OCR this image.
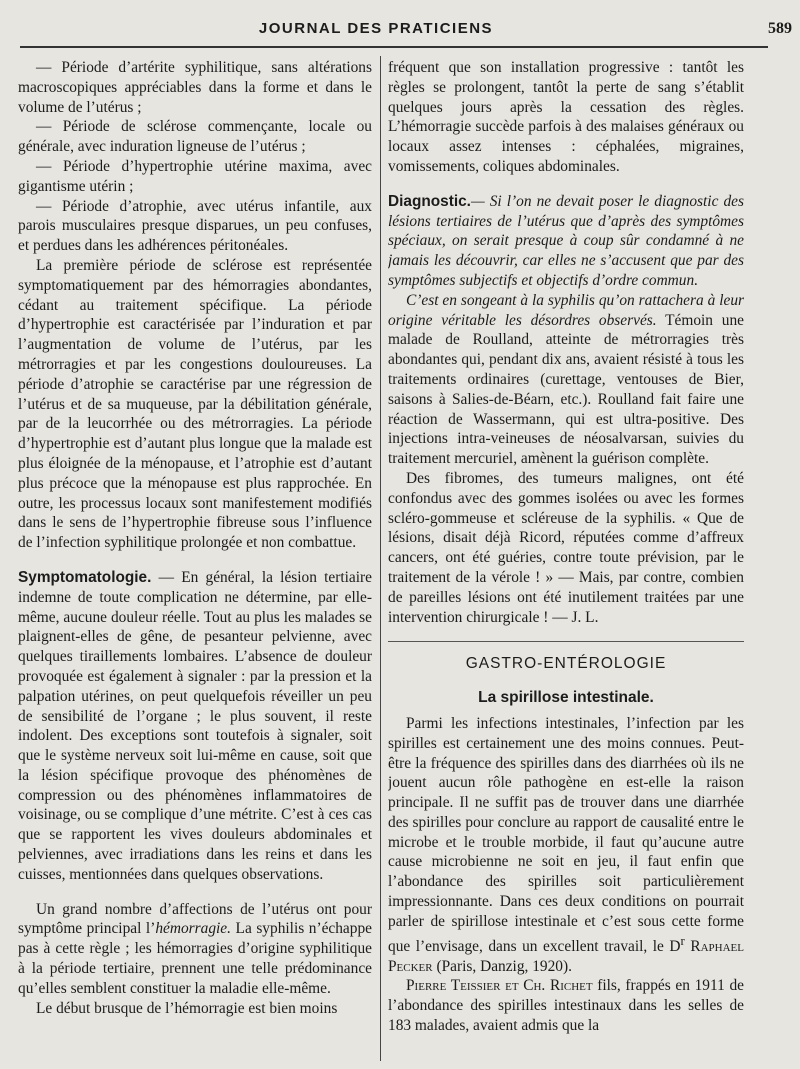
JOURNAL DES PRATICIENS	589

— Période d’artérite syphilitique, sans altérations macroscopiques appréciables dans la forme et dans le volume de l’utérus ;

— Période de sclérose commençante, locale ou générale, avec induration ligneuse de l’utérus ;

— Période d’hypertrophie utérine maxima, avec gigantisme utérin ;

— Période d’atrophie, avec utérus infantile, aux parois musculaires presque disparues, un peu confuses, et perdues dans les adhérences péritonéales.

La première période de sclérose est représentée symptomatiquement par des hémorragies abondantes, cédant au traitement spécifique. La période d’hypertrophie est caractérisée par l’induration et par l’augmentation de volume de l’utérus, par les métrorragies et par les congestions douloureuses. La période d’atrophie se caractérise par une régression de l’utérus et de sa muqueuse, par la débilitation générale, par de la leucorrhée ou des métrorragies. La période d’hypertrophie est d’autant plus longue que la malade est plus éloignée de la ménopause, et l’atrophie est d’autant plus précoce que la ménopause est plus rapprochée. En outre, les processus locaux sont manifestement modifiés dans le sens de l’hypertrophie fibreuse sous l’influence de l’infection syphilitique prolongée et non combattue.

Symptomatologie. — En général, la lésion tertiaire indemne de toute complication ne détermine, par elle-même, aucune douleur réelle. Tout au plus les malades se plaignent-elles de gêne, de pesanteur pelvienne, avec quelques tiraillements lombaires. L’absence de douleur provoquée est également à signaler : par la pression et la palpation utérines, on peut quelquefois réveiller un peu de sensibilité de l’organe ; le plus souvent, il reste indolent. Des exceptions sont toutefois à signaler, soit que le système nerveux soit lui-même en cause, soit que la lésion spécifique provoque des phénomènes de compression ou des phénomènes inflammatoires de voisinage, ou se complique d’une métrite. C’est à ces cas que se rapportent les vives douleurs abdominales et pelviennes, avec irradiations dans les reins et dans les cuisses, mentionnées dans quelques observations.

Un grand nombre d’affections de l’utérus ont pour symptôme principal l’hémorragie. La syphilis n’échappe pas à cette règle ; les hémorragies d’origine syphilitique à la période tertiaire, prennent une telle prédominance qu’elles semblent constituer la maladie elle-même.

Le début brusque de l’hémorragie est bien moins

fréquent que son installation progressive : tantôt les règles se prolongent, tantôt la perte de sang s’établit quelques jours après la cessation des règles. L’hémorragie succède parfois à des malaises généraux ou locaux assez intenses : céphalées, migraines, vomissements, coliques abdominales.

Diagnostic.— Si l’on ne devait poser le diagnostic des lésions tertiaires de l’utérus que d’après des symptômes spéciaux, on serait presque à coup sûr condamné à ne jamais les découvrir, car elles ne s’accusent que par des symptômes subjectifs et objectifs d’ordre commun.

C’est en songeant à la syphilis qu’on rattachera à leur origine véritable les désordres observés. Témoin une malade de Roulland, atteinte de métrorragies très abondantes qui, pendant dix ans, avaient résisté à tous les traitements ordinaires (curettage, ventouses de Bier, saisons à Salies-de-Béarn, etc.). Roulland fait faire une réaction de Wassermann, qui est ultra-positive. Des injections intra-veineuses de néosalvarsan, suivies du traitement mercuriel, amènent la guérison complète.

Des fibromes, des tumeurs malignes, ont été confondus avec des gommes isolées ou avec les formes scléro-gommeuse et scléreuse de la syphilis. « Que de lésions, disait déjà Ricord, réputées comme d’affreux cancers, ont été guéries, contre toute prévision, par le traitement de la vérole ! » — Mais, par contre, combien de pareilles lésions ont été inutilement traitées par une intervention chirurgicale ! — J. L.

GASTRO-ENTÉROLOGIE
La spirillose intestinale.

Parmi les infections intestinales, l’infection par les spirilles est certainement une des moins connues. Peut-être la fréquence des spirilles dans des diarrhées où ils ne jouent aucun rôle pathogène en est-elle la raison principale. Il ne suffit pas de trouver dans une diarrhée des spirilles pour conclure au rapport de causalité entre le microbe et le trouble morbide, il faut qu’aucune autre cause microbienne ne soit en jeu, il faut enfin que l’abondance des spirilles soit particulièrement impressionnante. Dans ces deux conditions on pourrait parler de spirillose intestinale et c’est sous cette forme que l’envisage, dans un excellent travail, le $D^r$ Raphael Pecker (Paris, Danzig, 1920).

Pierre Teissier et Ch. Richet fils, frappés en 1911 de l’abondance des spirilles intestinaux dans les selles de 183 malades, avaient admis que la
